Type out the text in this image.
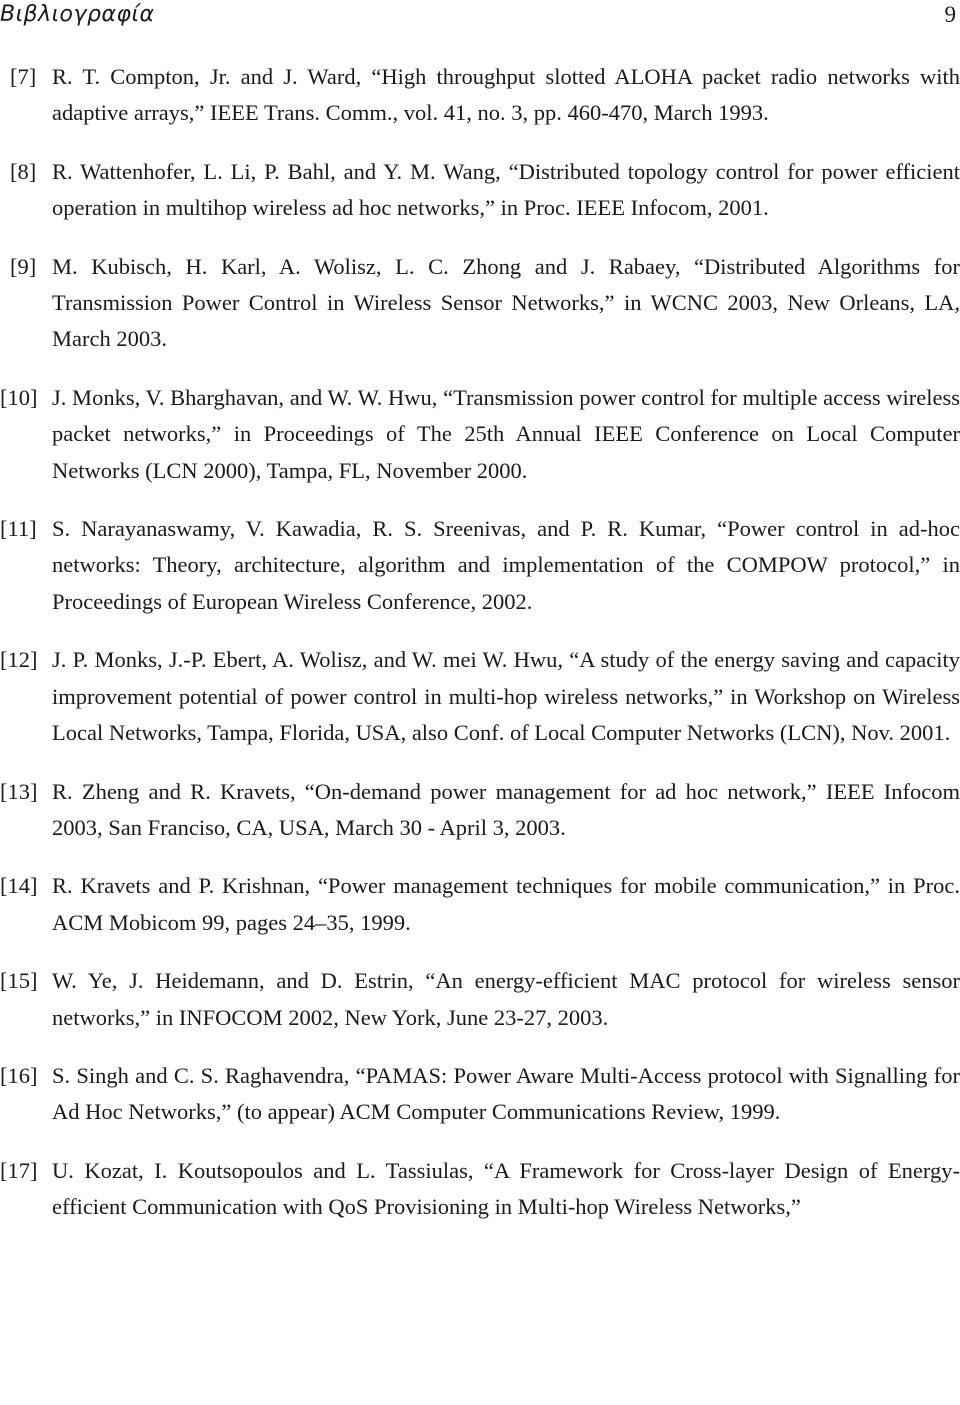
Βιβλιογραφία	9
[7] R. T. Compton, Jr. and J. Ward, “High throughput slotted ALOHA packet radio networks with adaptive arrays,” IEEE Trans. Comm., vol. 41, no. 3, pp. 460-470, March 1993.
[8] R. Wattenhofer, L. Li, P. Bahl, and Y. M. Wang, “Distributed topology control for power efficient operation in multihop wireless ad hoc networks,” in Proc. IEEE Infocom, 2001.
[9] M. Kubisch, H. Karl, A. Wolisz, L. C. Zhong and J. Rabaey, “Distributed Algorithms for Transmission Power Control in Wireless Sensor Networks,” in WCNC 2003, New Orleans, LA, March 2003.
[10] J. Monks, V. Bharghavan, and W. W. Hwu, “Transmission power control for multiple access wireless packet networks,” in Proceedings of The 25th Annual IEEE Conference on Local Computer Networks (LCN 2000), Tampa, FL, November 2000.
[11] S. Narayanaswamy, V. Kawadia, R. S. Sreenivas, and P. R. Kumar, “Power control in ad-hoc networks: Theory, architecture, algorithm and implementation of the COMPOW protocol,” in Proceedings of European Wireless Conference, 2002.
[12] J. P. Monks, J.-P. Ebert, A. Wolisz, and W. mei W. Hwu, “A study of the energy saving and capacity improvement potential of power control in multi-hop wireless networks,” in Workshop on Wireless Local Networks, Tampa, Florida, USA, also Conf. of Local Computer Networks (LCN), Nov. 2001.
[13] R. Zheng and R. Kravets, “On-demand power management for ad hoc network,” IEEE Infocom 2003, San Franciso, CA, USA, March 30 - April 3, 2003.
[14] R. Kravets and P. Krishnan, “Power management techniques for mobile communication,” in Proc. ACM Mobicom 99, pages 24–35, 1999.
[15] W. Ye, J. Heidemann, and D. Estrin, “An energy-efficient MAC protocol for wireless sensor networks,” in INFOCOM 2002, New York, June 23-27, 2003.
[16] S. Singh and C. S. Raghavendra, “PAMAS: Power Aware Multi-Access protocol with Signalling for Ad Hoc Networks,” (to appear) ACM Computer Communications Review, 1999.
[17] U. Kozat, I. Koutsopoulos and L. Tassiulas, “A Framework for Cross-layer Design of Energy-efficient Communication with QoS Provisioning in Multi-hop Wireless Networks,”
